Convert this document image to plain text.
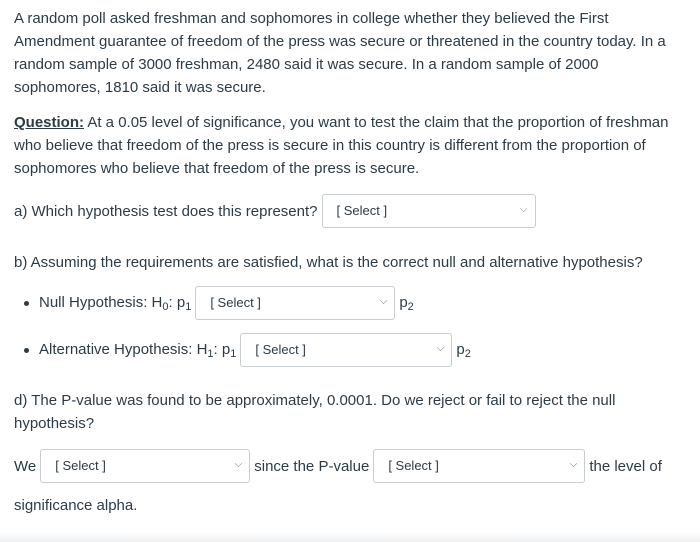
A random poll asked freshman and sophomores in college whether they believed the First Amendment guarantee of freedom of the press was secure or threatened in the country today. In a random sample of 3000 freshman, 2480 said it was secure. In a random sample of 2000 sophomores, 1810 said it was secure.

Question: At a 0.05 level of significance, you want to test the claim that the proportion of freshman who believe that freedom of the press is secure in this country is different from the proportion of sophomores who believe that freedom of the press is secure.

a) Which hypothesis test does this represent?	[ Select ]	⌵

b) Assuming the requirements are satisfied, what is the correct null and alternative hypothesis?

Null Hypothesis: $H_0$: $p_1$	[ Select ]	⌵ $p_2$
Alternative Hypothesis: $H_1$: $p_1$	[ Select ]	⌵ $p_2$

d) The P-value was found to be approximately, 0.0001. Do we reject or fail to reject the null hypothesis?

We	[ Select ]	⌵ since the P-value	[ Select ]	⌵ the level of

significance alpha.
